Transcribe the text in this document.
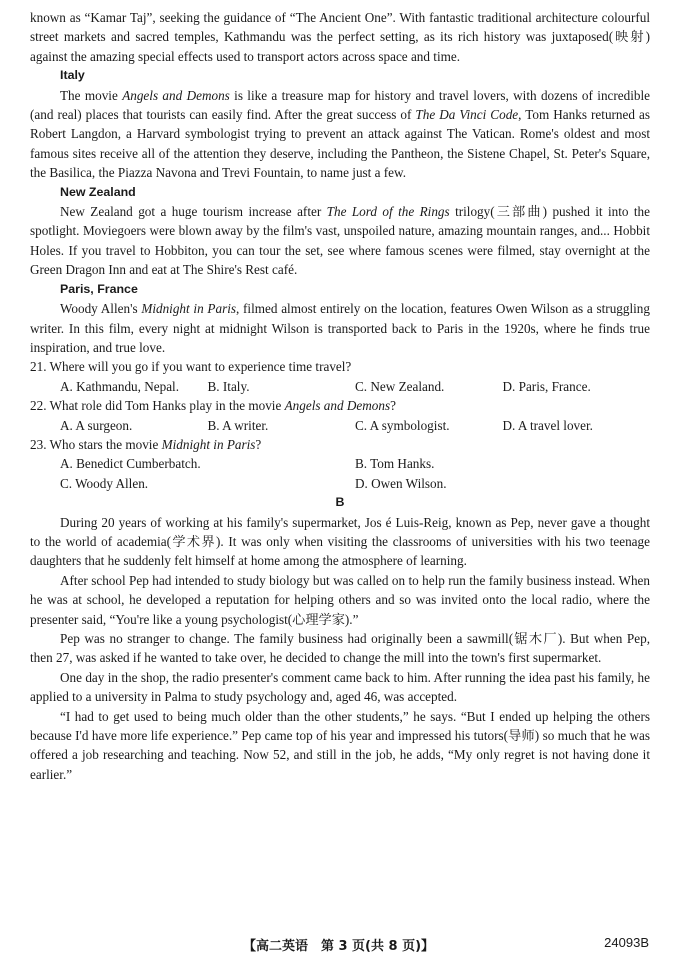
known as “Kamar Taj”, seeking the guidance of “The Ancient One”. With fantastic traditional architecture colourful street markets and sacred temples, Kathmandu was the perfect setting, as its rich history was juxtaposed(映射) against the amazing special effects used to transport actors across space and time.

Italy

The movie Angels and Demons is like a treasure map for history and travel lovers, with dozens of incredible (and real) places that tourists can easily find. After the great success of The Da Vinci Code, Tom Hanks returned as Robert Langdon, a Harvard symbologist trying to prevent an attack against The Vatican. Rome's oldest and most famous sites receive all of the attention they deserve, including the Pantheon, the Sistene Chapel, St. Peter's Square, the Basilica, the Piazza Navona and Trevi Fountain, to name just a few.

New Zealand

New Zealand got a huge tourism increase after The Lord of the Rings trilogy(三部曲) pushed it into the spotlight. Moviegoers were blown away by the film's vast, unspoiled nature, amazing mountain ranges, and... Hobbit Holes. If you travel to Hobbiton, you can tour the set, see where famous scenes were filmed, stay overnight at the Green Dragon Inn and eat at The Shire's Rest café.

Paris, France

Woody Allen's Midnight in Paris, filmed almost entirely on the location, features Owen Wilson as a struggling writer. In this film, every night at midnight Wilson is transported back to Paris in the 1920s, where he finds true inspiration, and true love.

21. Where will you go if you want to experience time travel?

A. Kathmandu, Nepal.	B. Italy.	C. New Zealand.	D. Paris, France.

22. What role did Tom Hanks play in the movie Angels and Demons?

A. A surgeon.	B. A writer.	C. A symbologist.	D. A travel lover.

23. Who stars the movie Midnight in Paris?

A. Benedict Cumberbatch.	B. Tom Hanks.
C. Woody Allen.	D. Owen Wilson.

B

During 20 years of working at his family's supermarket, Jos é Luis-Reig, known as Pep, never gave a thought to the world of academia(学术界). It was only when visiting the classrooms of universities with his two teenage daughters that he suddenly felt himself at home among the atmosphere of learning.

After school Pep had intended to study biology but was called on to help run the family business instead. When he was at school, he developed a reputation for helping others and so was invited onto the local radio, where the presenter said, “You're like a young psychologist(心理学家).”

Pep was no stranger to change. The family business had originally been a sawmill(锯木厂). But when Pep, then 27, was asked if he wanted to take over, he decided to change the mill into the town's first supermarket.

One day in the shop, the radio presenter's comment came back to him. After running the idea past his family, he applied to a university in Palma to study psychology and, aged 46, was accepted.

“I had to get used to being much older than the other students,” he says. “But I ended up helping the others because I'd have more life experience.” Pep came top of his year and impressed his tutors(导师) so much that he was offered a job researching and teaching. Now 52, and still in the job, he adds, “My only regret is not having done it earlier.”

【高二英语　第 3 页(共 8 页)】	24093B
